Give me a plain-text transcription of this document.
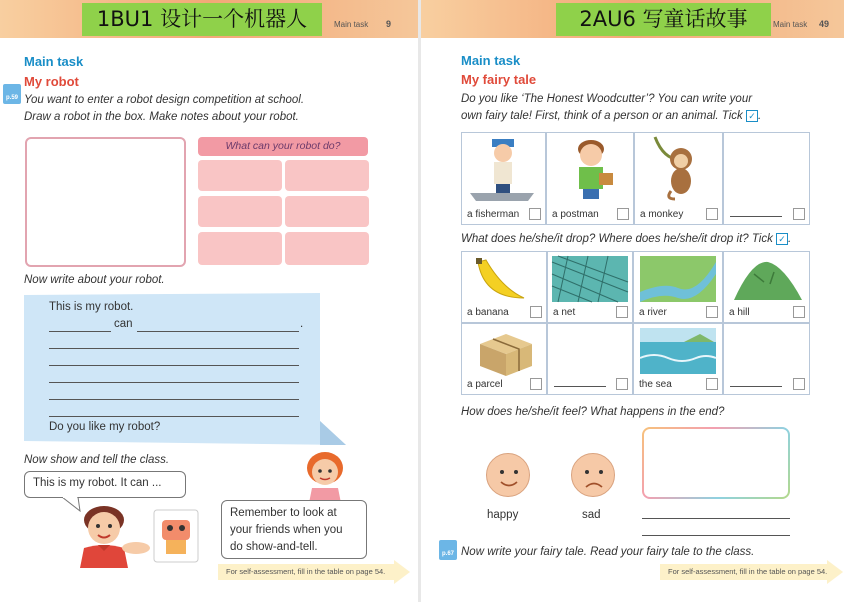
1BU1 设计一个机器人	Main task 9
Main task
My robot
p.59 You want to enter a robot design competition at school.
Draw a robot in the box. Make notes about your robot.
What can your robot do?
Now write about your robot.
This is my robot.
can	.
Do you like my robot?
Now show and tell the class.
This is my robot. It can ...
Remember to look at your friends when you do show-and-tell.
For self-assessment, fill in the table on page 54.
2AU6 写童话故事	Main task 49
Main task
My fairy tale
Do you like ‘The Honest Woodcutter’? You can write your
own fairy tale! First, think of a person or an animal. Tick ✓ .
a fisherman	a postman	a monkey
What does he/she/it drop? Where does he/she/it drop it? Tick ✓ .
a banana	a net	a river	a hill
a parcel	the sea
How does he/she/it feel? What happens in the end?
happy	sad
p.67 Now write your fairy tale. Read your fairy tale to the class.
For self-assessment, fill in the table on page 54.
